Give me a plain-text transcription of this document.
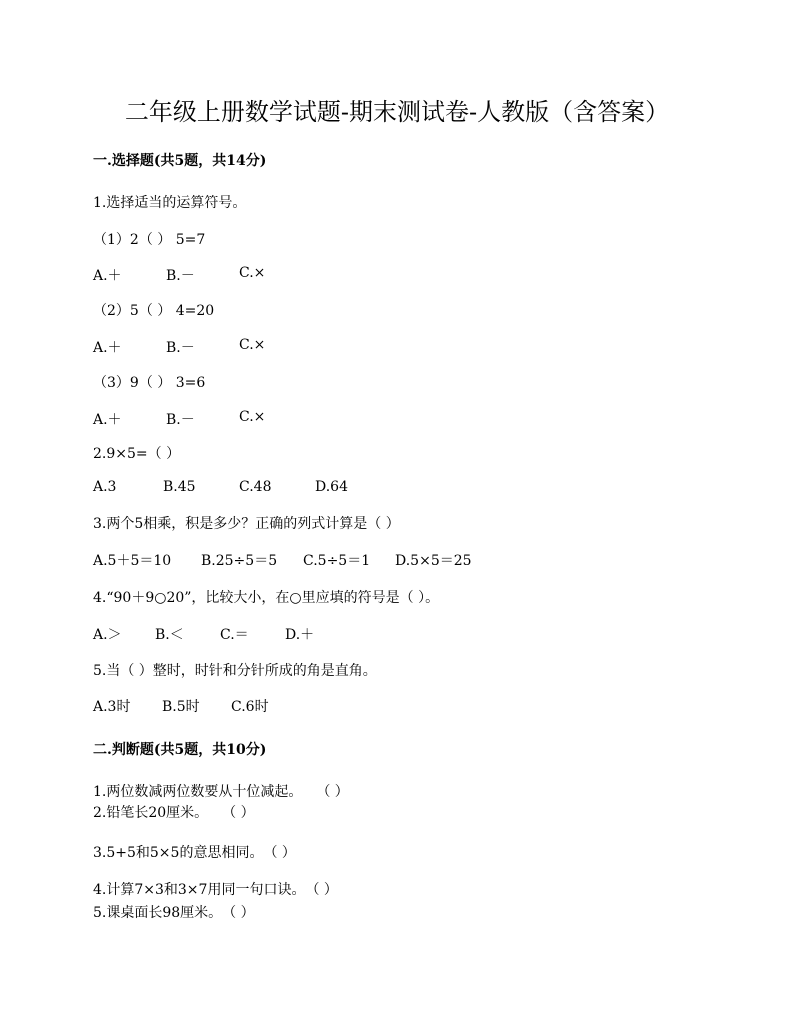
二年级上册数学试题-期末测试卷-人教版（含答案）
一.选择题(共5题，共14分)
1.选择适当的运算符号。
（1）2（ ） 5=7
A.＋	B.－	C.×
（2）5（ ） 4=20
A.＋	B.－	C.×
（3）9（ ） 3=6
A.＋	B.－	C.×
2.9×5=（ ）
A.3	B.45	C.48	D.64
3.两个5相乘，积是多少？正确的列式计算是（ ）
A.5＋5＝10 B.25÷5＝5 C.5÷5＝1 D.5×5＝25
4.“90＋9○20”，比较大小，在○里应填的符号是（ ）。
A.＞ B.＜	C.＝	D.＋
5.当（ ）整时，时针和分针所成的角是直角。
A.3时 B.5时 C.6时
二.判断题(共5题，共10分)
1.两位数减两位数要从十位减起。　　（ ）
2.铅笔长20厘米。　　（ ）
3.5+5和5×5的意思相同。　（ ）
4.计算7×3和3×7用同一句口诀。　（ ）
5.课桌面长98厘米。　（ ）
